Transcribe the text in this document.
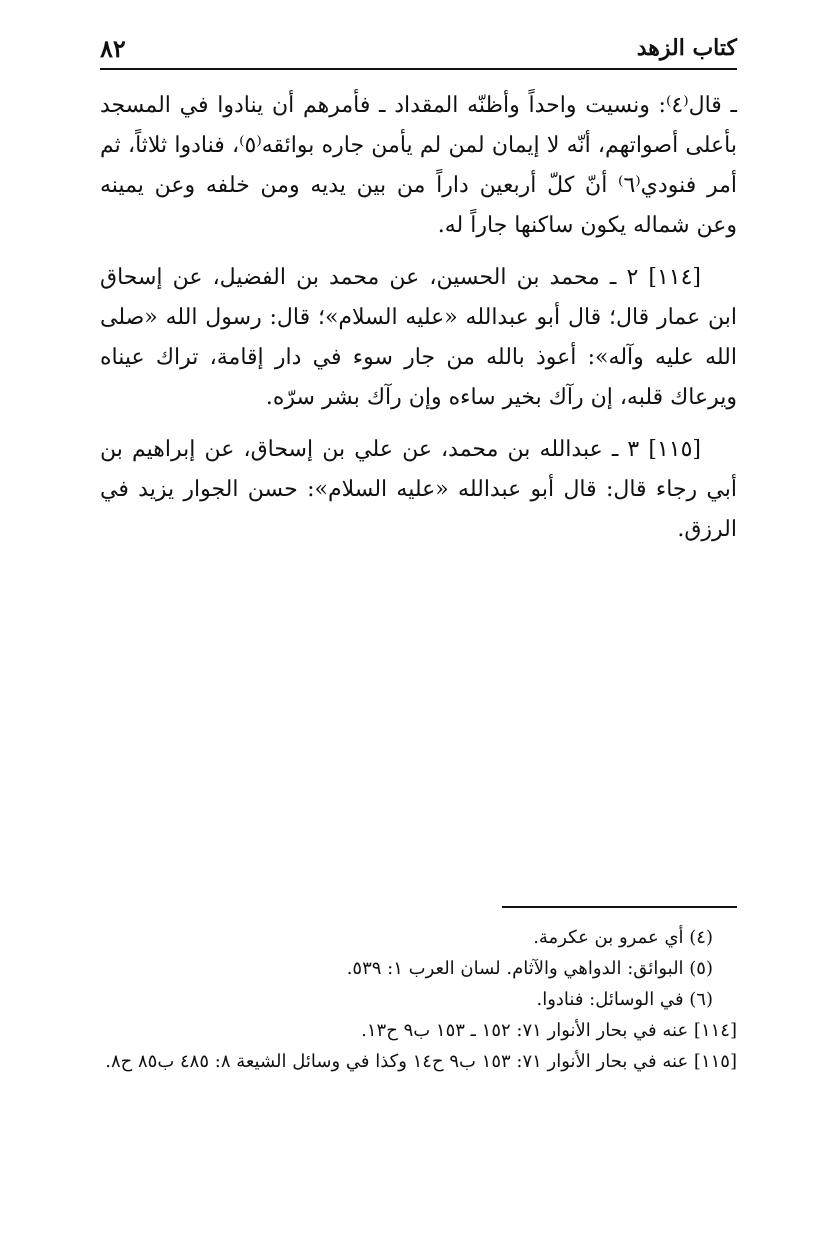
كتاب الزهد
٨٢

ـ قال⁽٤⁾: ونسيت واحداً وأظنّه المقداد ـ فأمرهم أن ينادوا في المسجد بأعلى أصواتهم، أنّه لا إيمان لمن لم يأمن جاره بوائقه⁽٥⁾، فنادوا ثلاثاً، ثم أمر فنودي⁽٦⁾ أنّ كلّ أربعين داراً من بين يديه ومن خلفه وعن يمينه وعن شماله يكون ساكنها جاراً له.

[١١٤] ٢ ـ محمد بن الحسين، عن محمد بن الفضيل، عن إسحاق ابن عمار قال؛ قال أبو عبدالله «عليه السلام»؛ قال: رسول الله «صلى الله عليه وآله»: أعوذ بالله من جار سوء في دار إقامة، تراك عيناه ويرعاك قلبه، إن رآك بخير ساءه وإن رآك بشر سرّه.

[١١٥] ٣ ـ عبدالله بن محمد، عن علي بن إسحاق، عن إبراهيم بن أبي رجاء قال: قال أبو عبدالله «عليه السلام»: حسن الجوار يزيد في الرزق.

(٤) أي عمرو بن عكرمة.

(٥) البوائق: الدواهي والآثام. لسان العرب ١: ٥٣٩.

(٦) في الوسائل: فنادوا.

[١١٤] عنه في بحار الأنوار ٧١: ١٥٢ ـ ١٥٣ ب٩ ح١٣.

[١١٥] عنه في بحار الأنوار ٧١: ١٥٣ ب٩ ح١٤ وكذا في وسائل الشيعة ٨: ٤٨٥ ب٨٥ ح٨.
